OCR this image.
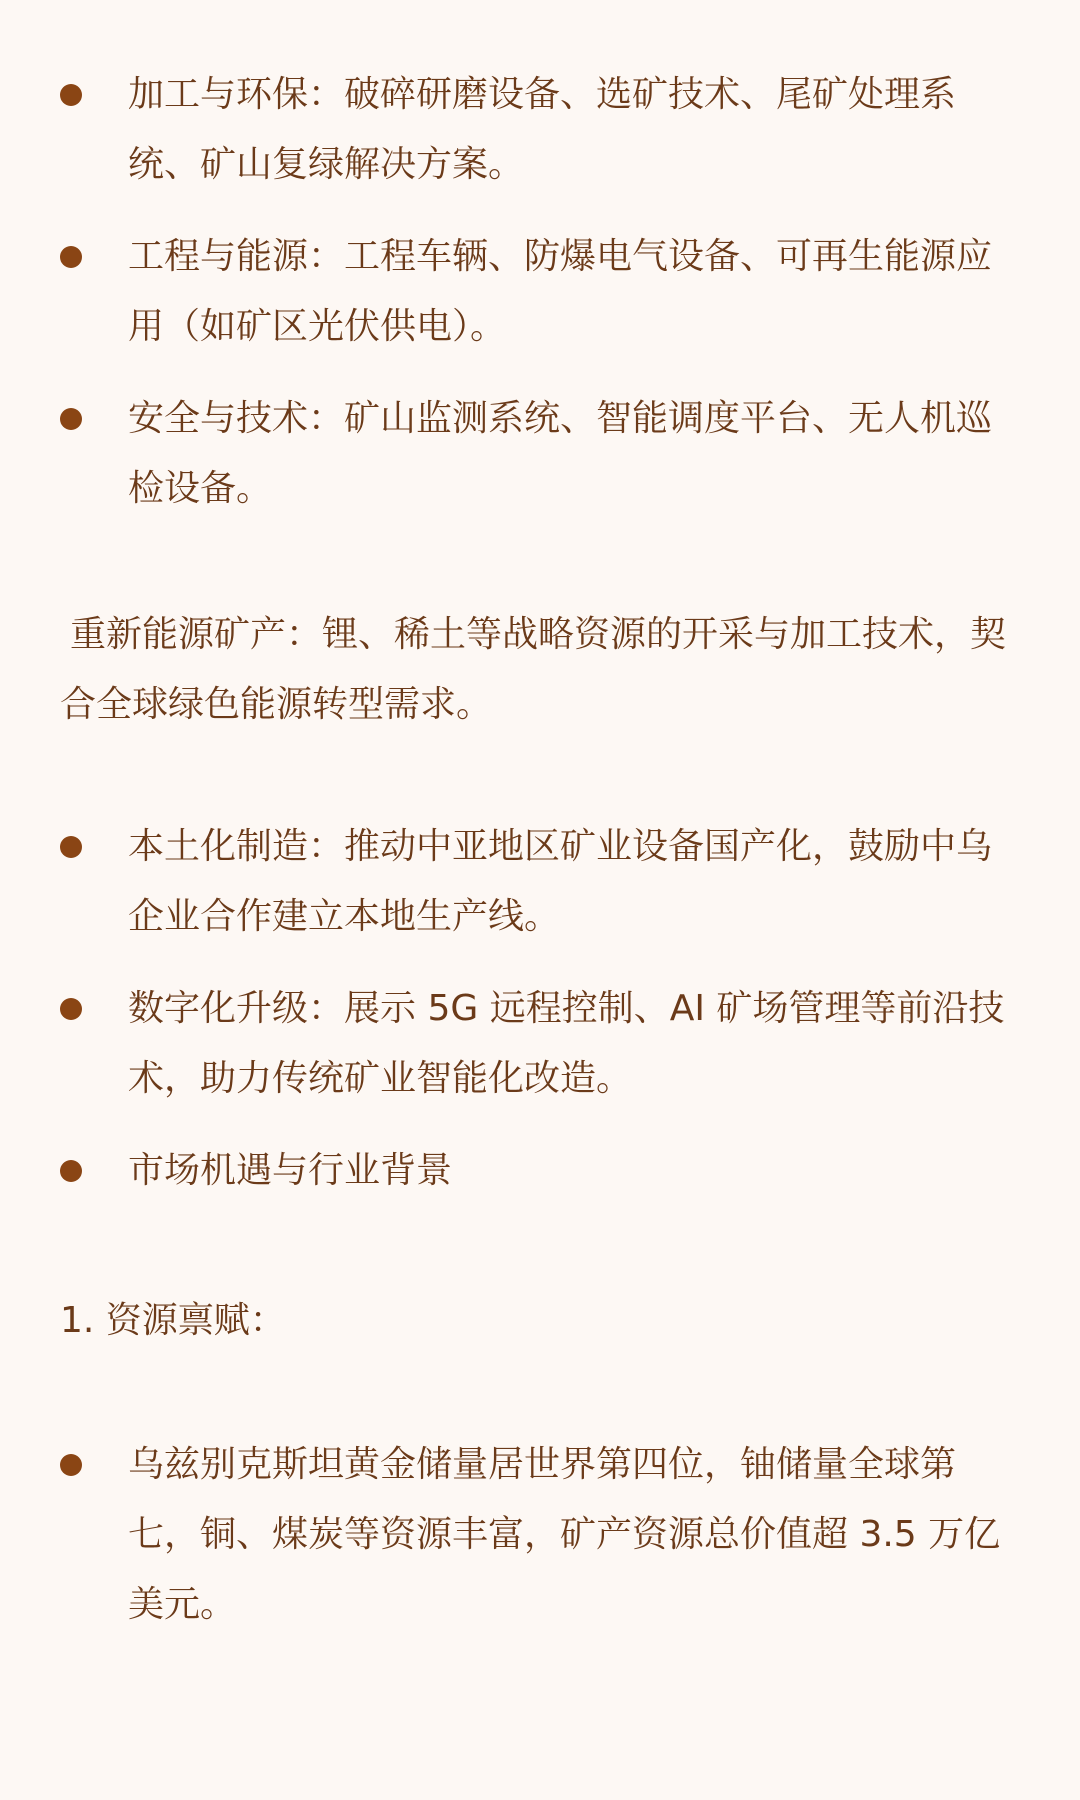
加工与环保：破碎研磨设备、选矿技术、尾矿处理系统、矿山复绿解决方案。
工程与能源：工程车辆、防爆电气设备、可再生能源应用（如矿区光伏供电）。
安全与技术：矿山监测系统、智能调度平台、无人机巡检设备。

重新能源矿产：锂、稀土等战略资源的开采与加工技术，契合全球绿色能源转型需求。

本土化制造：推动中亚地区矿业设备国产化，鼓励中乌企业合作建立本地生产线。
数字化升级：展示 5G 远程控制、AI 矿场管理等前沿技术，助力传统矿业智能化改造。
市场机遇与行业背景

1. 资源禀赋：

乌兹别克斯坦黄金储量居世界第四位，铀储量全球第七，铜、煤炭等资源丰富，矿产资源总价值超 3.5 万亿美元。
